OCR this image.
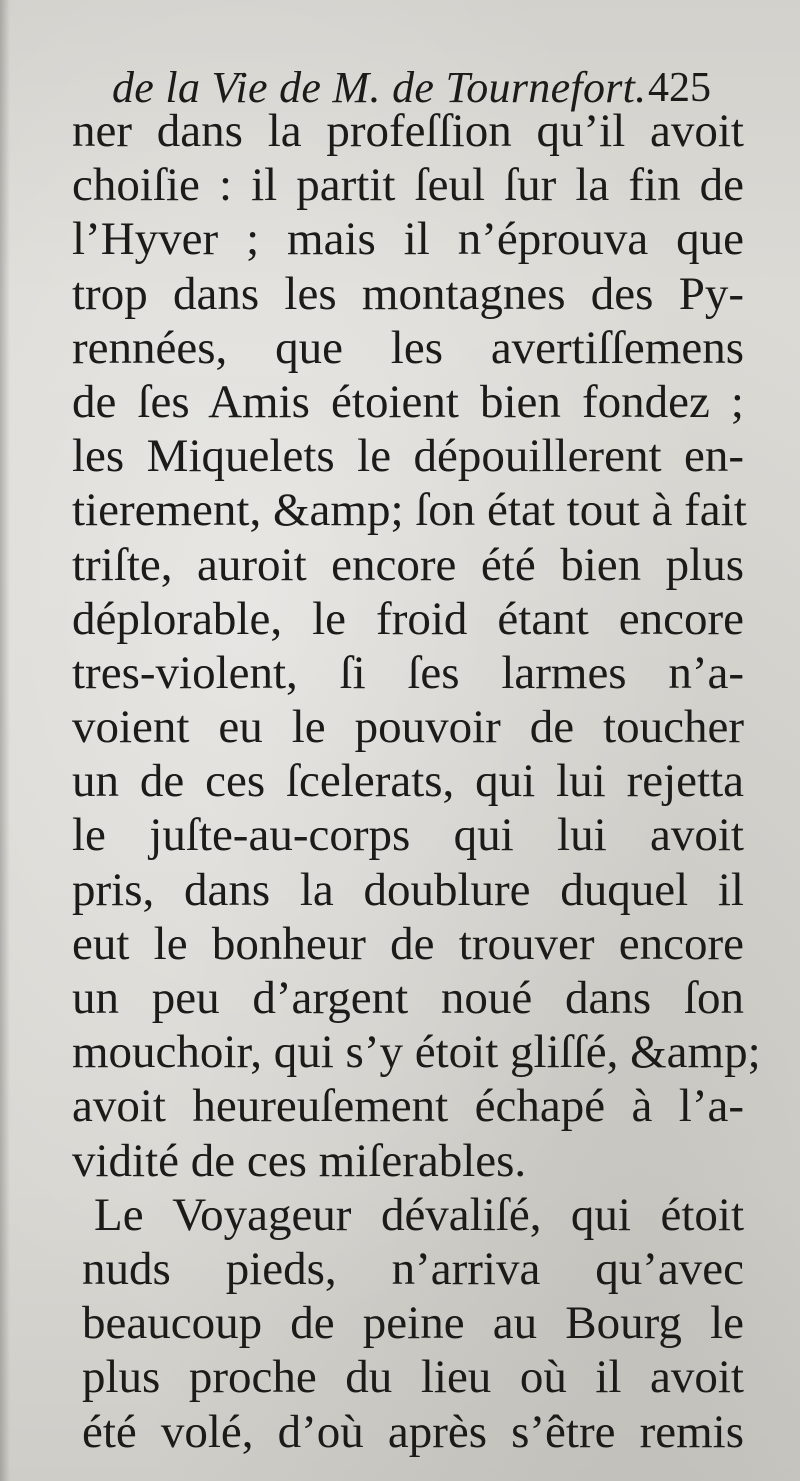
de la Vie de M. de Tournefort. 425
ner dans la profeſſion qu’il avoit
choiſie : il partit ſeul ſur la fin de
l’Hyver ; mais il n’éprouva que
trop dans les montagnes des Py-
rennées, que les avertiſſemens
de ſes Amis étoient bien fondez ;
les Miquelets le dépouillerent en-
tierement, &amp; ſon état tout à fait
triſte, auroit encore été bien plus
déplorable, le froid étant encore
tres-violent, ſi ſes larmes n’a-
voient eu le pouvoir de toucher
un de ces ſcelerats, qui lui rejetta
le juſte-au-corps qui lui avoit
pris, dans la doublure duquel il
eut le bonheur de trouver encore
un peu d’argent noué dans ſon
mouchoir, qui s’y étoit gliſſé, &amp;
avoit heureuſement échapé à l’a-
vidité de ces miſerables.
Le Voyageur dévaliſé, qui étoit
nuds pieds, n’arriva qu’avec
beaucoup de peine au Bourg le
plus proche du lieu où il avoit
été volé, d’où après s’être remis
